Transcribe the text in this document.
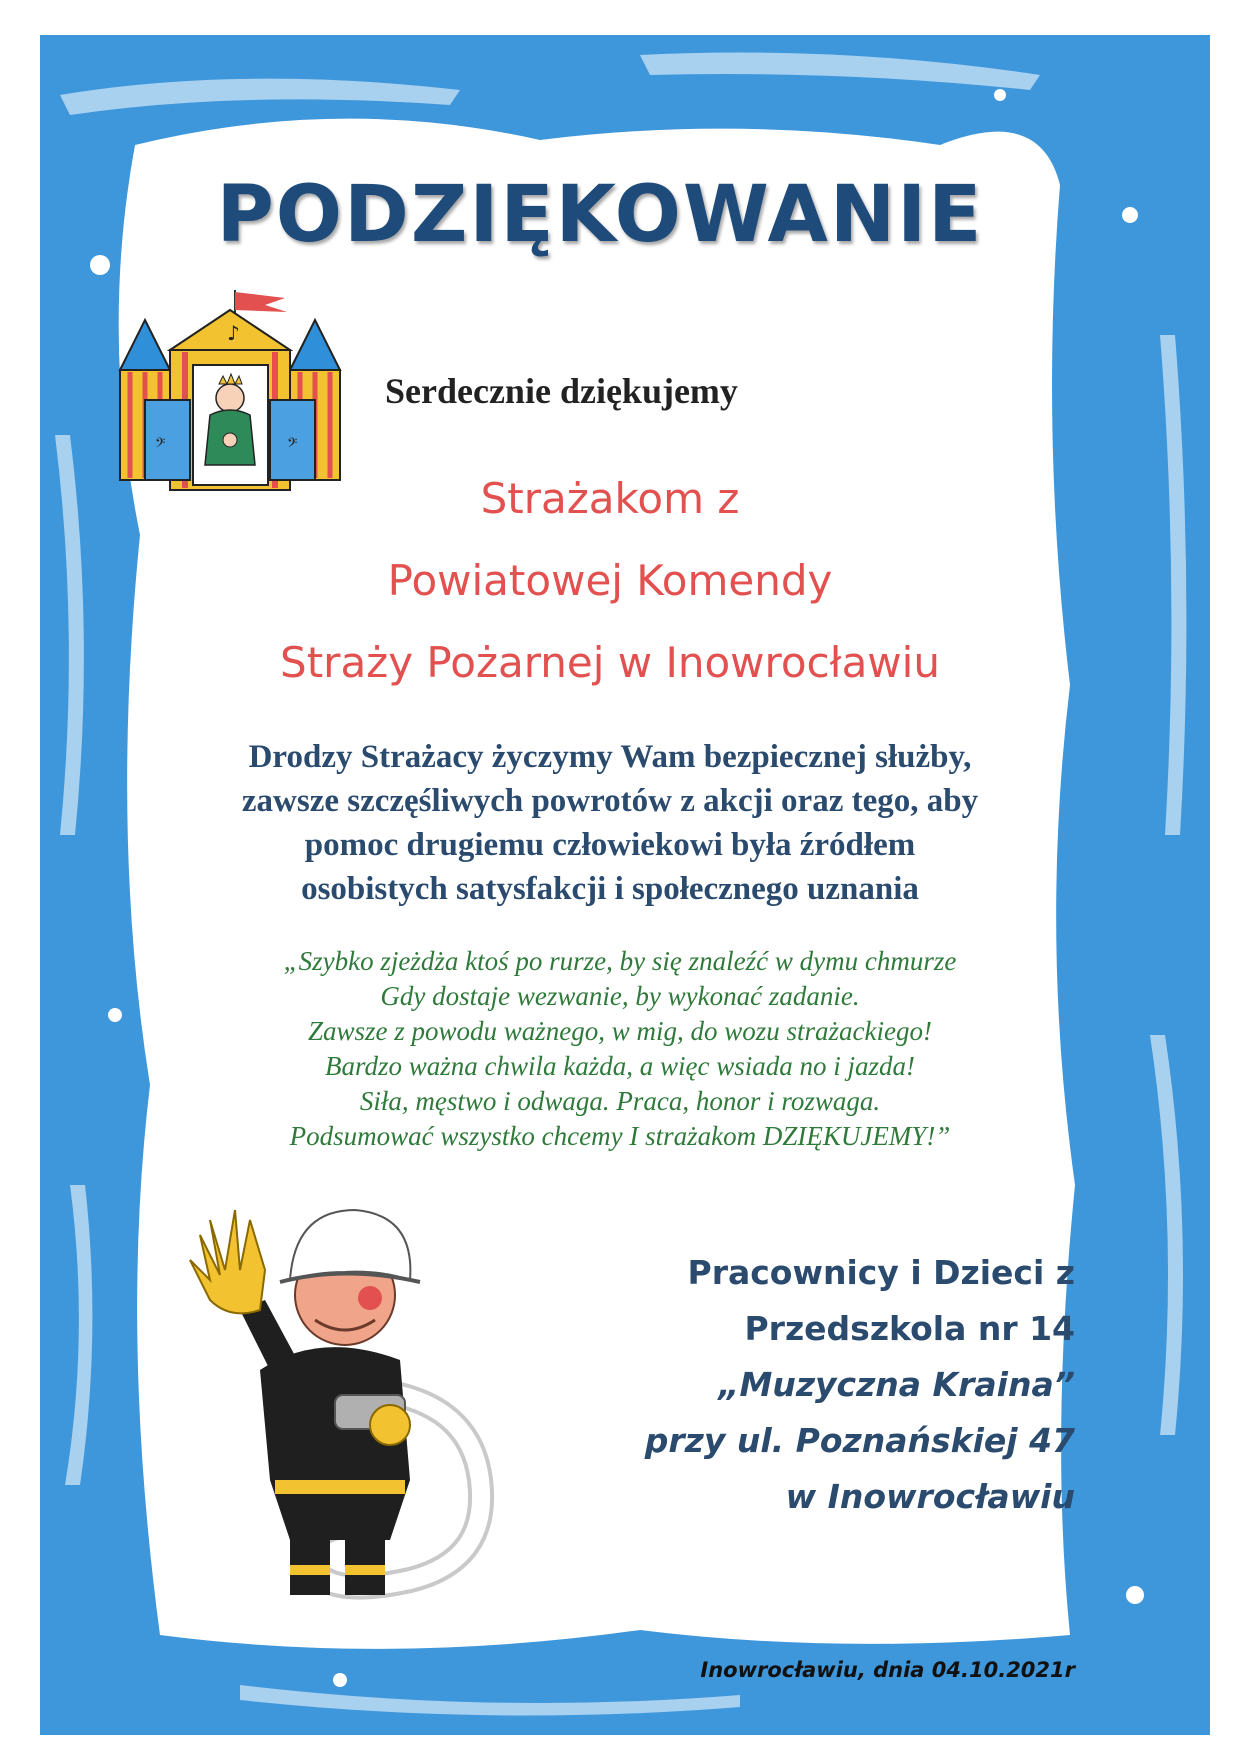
PODZIĘKOWANIE
♪
𝄢	𝄢

Serdecznie dziękujemy

Strażakom z
Powiatowej Komendy
Straży Pożarnej w Inowrocławiu
Drodzy Strażacy życzymy Wam bezpiecznej służby,
zawsze szczęśliwych powrotów z akcji oraz tego, aby
pomoc drugiemu człowiekowi była źródłem
osobistych satysfakcji i społecznego uznania
„Szybko zjeżdża ktoś po rurze, by się znaleźć w dymu chmurze
Gdy dostaje wezwanie, by wykonać zadanie.
Zawsze z powodu ważnego, w mig, do wozu strażackiego!
Bardzo ważna chwila każda, a więc wsiada no i jazda!
Siła, męstwo i odwaga. Praca, honor i rozwaga.
Podsumować wszystko chcemy I strażakom DZIĘKUJEMY!”
Pracownicy i Dzieci z
Przedszkola nr 14
„Muzyczna Kraina”
przy ul. Poznańskiej 47
w Inowrocławiu
Inowrocławiu, dnia 04.10.2021r
